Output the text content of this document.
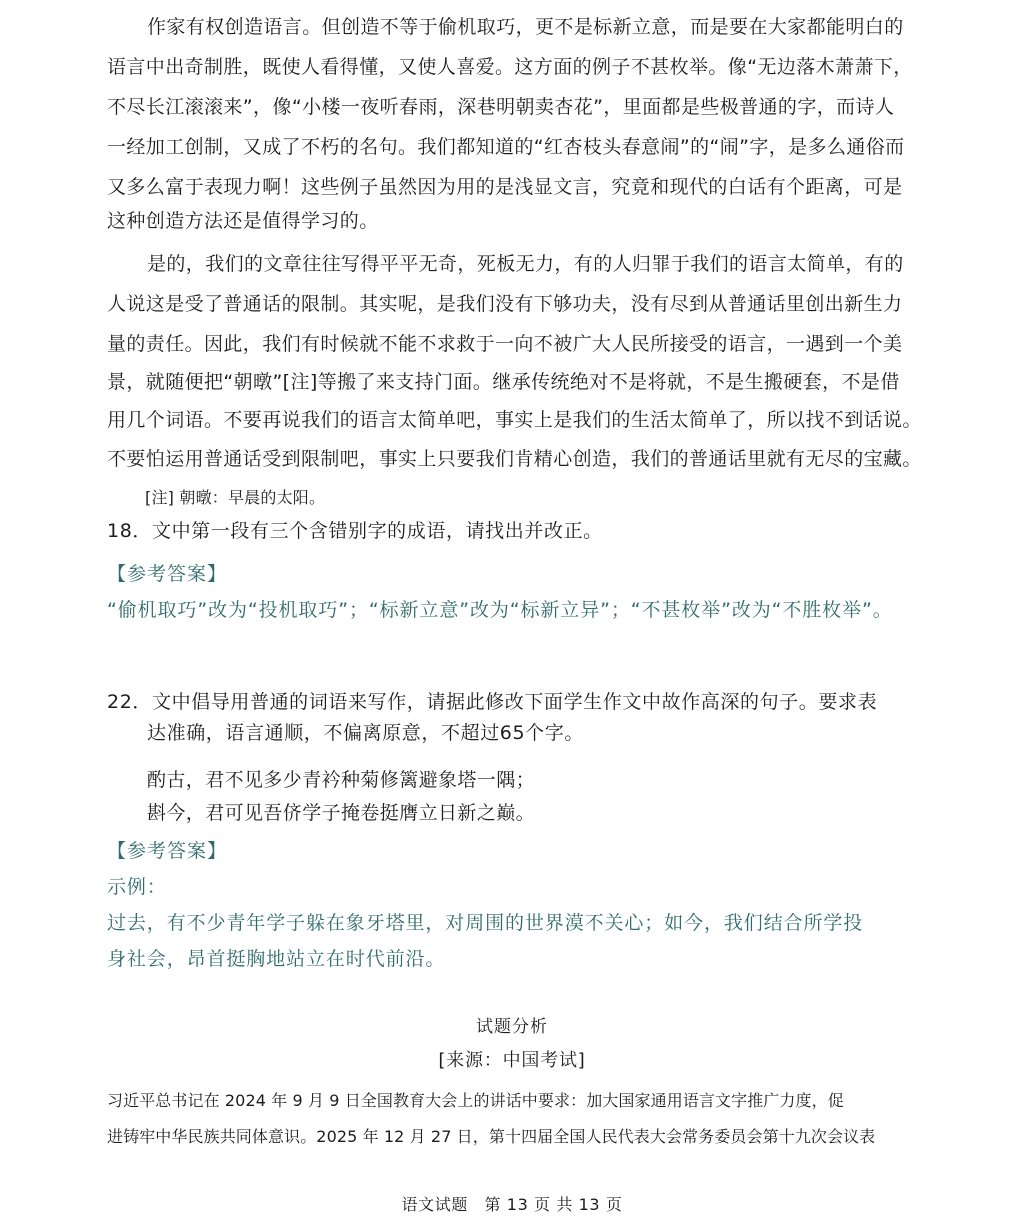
作家有权创造语言。但创造不等于偷机取巧，更不是标新立意，而是要在大家都能明白的
语言中出奇制胜，既使人看得懂，又使人喜爱。这方面的例子不甚枚举。像“无边落木萧萧下，
不尽长江滚滚来”，像“小楼一夜听春雨，深巷明朝卖杏花”，里面都是些极普通的字，而诗人
一经加工创制，又成了不朽的名句。我们都知道的“红杏枝头春意闹”的“闹”字，是多么通俗而
又多么富于表现力啊！这些例子虽然因为用的是浅显文言，究竟和现代的白话有个距离，可是
这种创造方法还是值得学习的。
是的，我们的文章往往写得平平无奇，死板无力，有的人归罪于我们的语言太简单，有的
人说这是受了普通话的限制。其实呢，是我们没有下够功夫，没有尽到从普通话里创出新生力
量的责任。因此，我们有时候就不能不求救于一向不被广大人民所接受的语言，一遇到一个美
景，就随便把“朝暾”[注]等搬了来支持门面。继承传统绝对不是将就，不是生搬硬套，不是借
用几个词语。不要再说我们的语言太简单吧，事实上是我们的生活太简单了，所以找不到话说。
不要怕运用普通话受到限制吧，事实上只要我们肯精心创造，我们的普通话里就有无尽的宝藏。
[注] 朝暾：早晨的太阳。
18．文中第一段有三个含错别字的成语，请找出并改正。
【参考答案】
“偷机取巧”改为“投机取巧”；“标新立意”改为“标新立异”；“不甚枚举”改为“不胜枚举”。
22．文中倡导用普通的词语来写作，请据此修改下面学生作文中故作高深的句子。要求表
达准确，语言通顺，不偏离原意，不超过65个字。
酌古，君不见多少青衿种菊修篱避象塔一隅；
斟今，君可见吾侪学子掩卷挺膺立日新之巅。
【参考答案】
示例：
过去，有不少青年学子躲在象牙塔里，对周围的世界漠不关心；如今，我们结合所学投
身社会，昂首挺胸地站立在时代前沿。
试题分析
[来源：中国考试]
习近平总书记在 2024 年 9 月 9 日全国教育大会上的讲话中要求：加大国家通用语言文字推广力度，促
进铸牢中华民族共同体意识。2025 年 12 月 27 日，第十四届全国人民代表大会常务委员会第十九次会议表
语文试题　第 13 页 共 13 页
